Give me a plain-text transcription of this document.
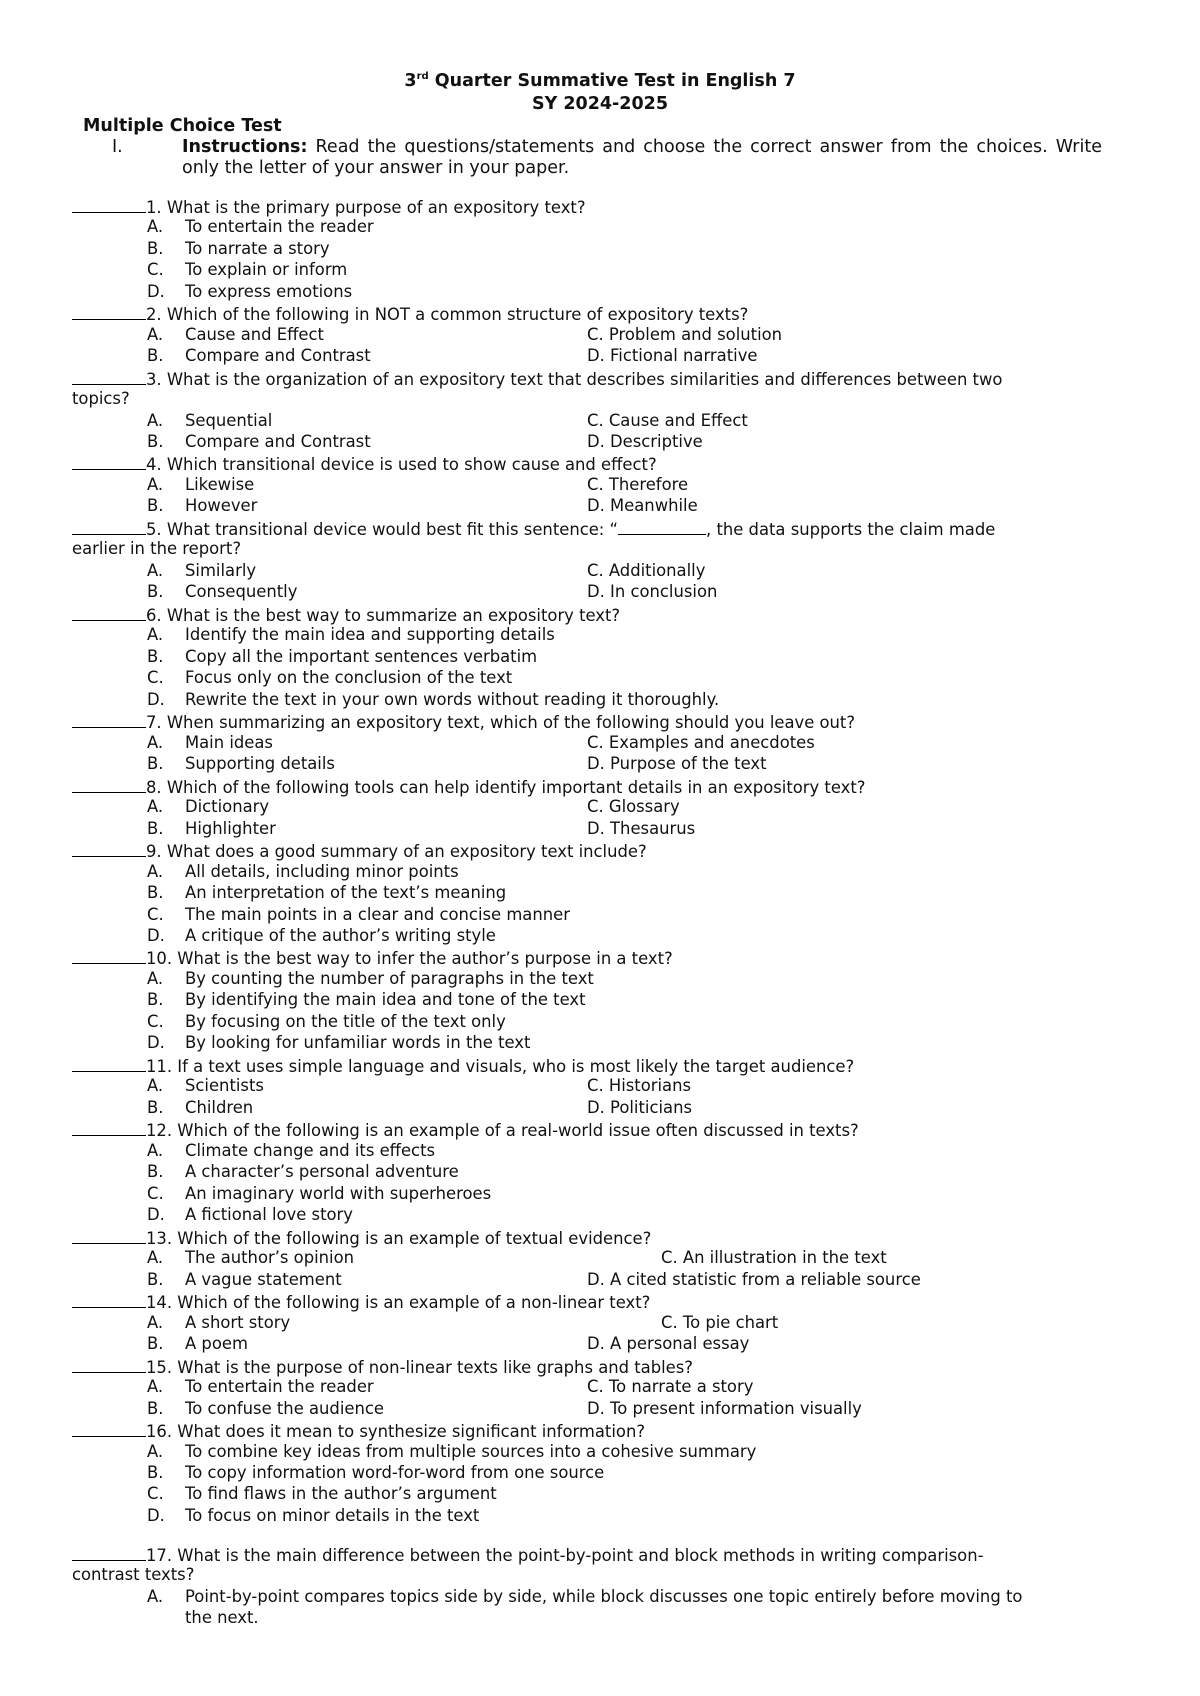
3rd Quarter Summative Test in English 7
SY 2024-2025
Multiple Choice Test
I.	Instructions: Read the questions/statements and choose the correct answer from the choices. Write only the letter of your answer in your paper.
1. What is the primary purpose of an expository text?
A. To entertain the reader
B. To narrate a story
C. To explain or inform
D. To express emotions
2. Which of the following in NOT a common structure of expository texts?
A. Cause and Effect	C. Problem and solution
B. Compare and Contrast	D. Fictional narrative
3. What is the organization of an expository text that describes similarities and differences between two
topics?
A. Sequential	C. Cause and Effect
B. Compare and Contrast	D. Descriptive
4. Which transitional device is used to show cause and effect?
A. Likewise	C. Therefore
B. However	D. Meanwhile
5. What transitional device would best fit this sentence: “	, the data supports the claim made
earlier in the report?
A. Similarly	C. Additionally
B. Consequently	D. In conclusion
6. What is the best way to summarize an expository text?
A. Identify the main idea and supporting details
B. Copy all the important sentences verbatim
C. Focus only on the conclusion of the text
D. Rewrite the text in your own words without reading it thoroughly.
7. When summarizing an expository text, which of the following should you leave out?
A. Main ideas	C. Examples and anecdotes
B. Supporting details	D. Purpose of the text
8. Which of the following tools can help identify important details in an expository text?
A. Dictionary	C. Glossary
B. Highlighter	D. Thesaurus
9. What does a good summary of an expository text include?
A. All details, including minor points
B. An interpretation of the text’s meaning
C. The main points in a clear and concise manner
D. A critique of the author’s writing style
10. What is the best way to infer the author’s purpose in a text?
A. By counting the number of paragraphs in the text
B. By identifying the main idea and tone of the text
C. By focusing on the title of the text only
D. By looking for unfamiliar words in the text
11. If a text uses simple language and visuals, who is most likely the target audience?
A. Scientists	C. Historians
B. Children	D. Politicians
12. Which of the following is an example of a real-world issue often discussed in texts?
A. Climate change and its effects
B. A character’s personal adventure
C. An imaginary world with superheroes
D. A fictional love story
13. Which of the following is an example of textual evidence?
A. The author’s opinion	C. An illustration in the text
B. A vague statement	D. A cited statistic from a reliable source
14. Which of the following is an example of a non-linear text?
A. A short story	C. To pie chart
B. A poem	D. A personal essay
15. What is the purpose of non-linear texts like graphs and tables?
A. To entertain the reader	C. To narrate a story
B. To confuse the audience	D. To present information visually
16. What does it mean to synthesize significant information?
A. To combine key ideas from multiple sources into a cohesive summary
B. To copy information word-for-word from one source
C. To find flaws in the author’s argument
D. To focus on minor details in the text
17. What is the main difference between the point-by-point and block methods in writing comparison-
contrast texts?
A. Point-by-point compares topics side by side, while block discusses one topic entirely before moving to
the next.
